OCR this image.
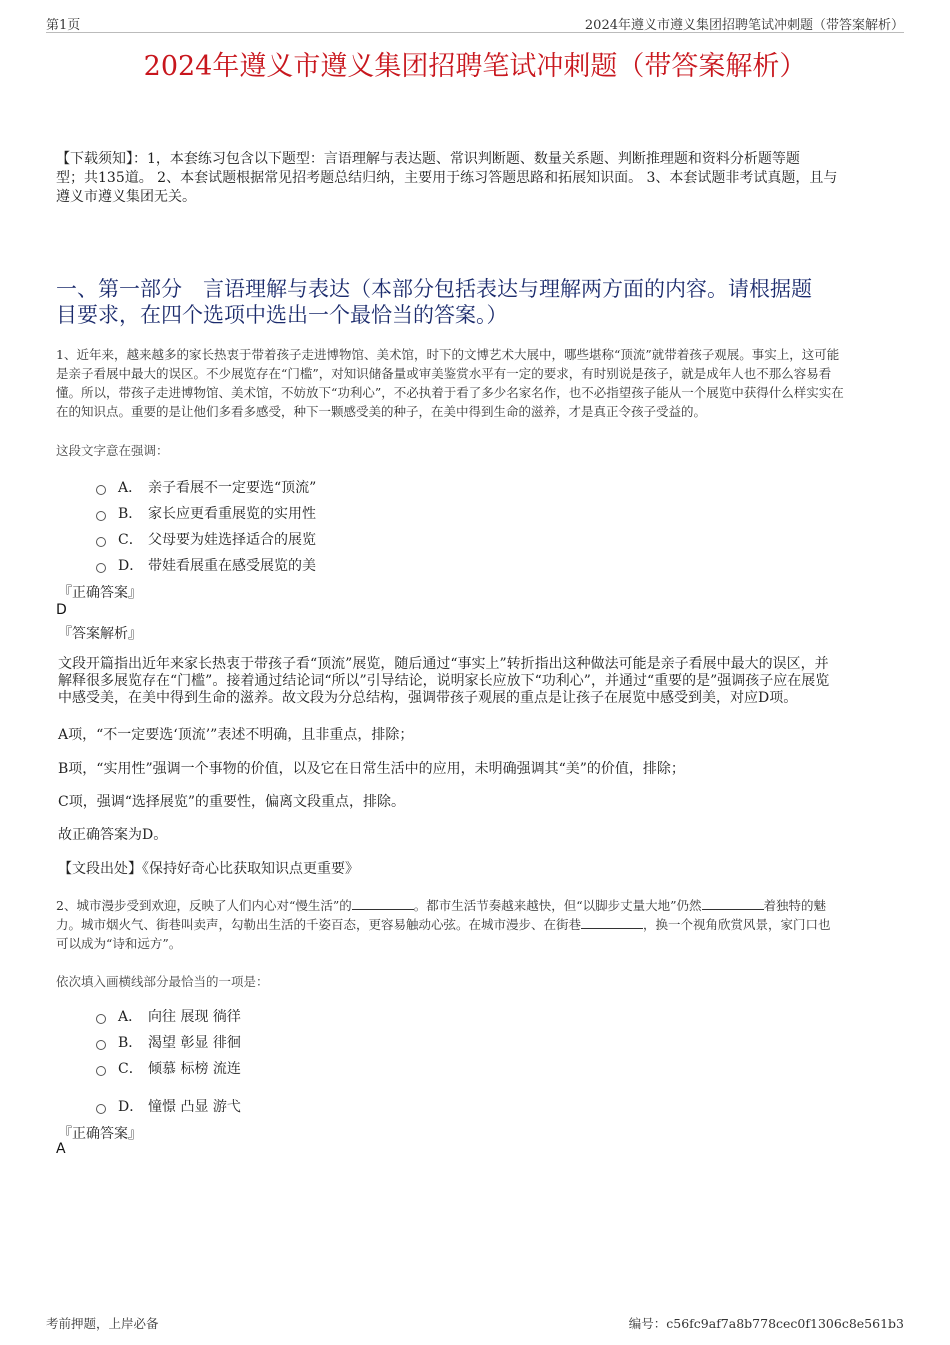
第1页	2024年遵义市遵义集团招聘笔试冲刺题（带答案解析）
2024年遵义市遵义集团招聘笔试冲刺题（带答案解析）
【下载须知】：1，本套练习包含以下题型：言语理解与表达题、常识判断题、数量关系题、判断推理题和资料分析题等题
型；共135道。 2、本套试题根据常见招考题总结归纳，主要用于练习答题思路和拓展知识面。 3、本套试题非考试真题，且与
遵义市遵义集团无关。
一、第一部分　言语理解与表达（本部分包括表达与理解两方面的内容。请根据题
目要求，在四个选项中选出一个最恰当的答案。）
1、近年来，越来越多的家长热衷于带着孩子走进博物馆、美术馆，时下的文博艺术大展中，哪些堪称“顶流”就带着孩子观展。事实上，这可能
是亲子看展中最大的误区。不少展览存在“门槛”，对知识储备量或审美鉴赏水平有一定的要求，有时别说是孩子，就是成年人也不那么容易看
懂。所以，带孩子走进博物馆、美术馆，不妨放下“功利心”，不必执着于看了多少名家名作，也不必指望孩子能从一个展览中获得什么样实实在
在的知识点。重要的是让他们多看多感受，种下一颗感受美的种子，在美中得到生命的滋养，才是真正令孩子受益的。
这段文字意在强调：
A． 亲子看展不一定要选“顶流”
B． 家长应更看重展览的实用性
C． 父母要为娃选择适合的展览
D． 带娃看展重在感受展览的美
『正确答案』
D
『答案解析』
文段开篇指出近年来家长热衷于带孩子看“顶流”展览，随后通过“事实上”转折指出这种做法可能是亲子看展中最大的误区，并
解释很多展览存在“门槛”。接着通过结论词“所以”引导结论，说明家长应放下“功利心”，并通过“重要的是”强调孩子应在展览
中感受美，在美中得到生命的滋养。故文段为分总结构，强调带孩子观展的重点是让孩子在展览中感受到美，对应D项。
A项，“不一定要选‘顶流’”表述不明确，且非重点，排除；
B项，“实用性”强调一个事物的价值，以及它在日常生活中的应用，未明确强调其“美”的价值，排除；
C项，强调“选择展览”的重要性，偏离文段重点，排除。
故正确答案为D。
【文段出处】《保持好奇心比获取知识点更重要》
2、城市漫步受到欢迎，反映了人们内心对“慢生活”的	。都市生活节奏越来越快，但“以脚步丈量大地”仍然	着独特的魅
力。城市烟火气、街巷叫卖声，勾勒出生活的千姿百态，更容易触动心弦。在城市漫步、在街巷	，换一个视角欣赏风景，家门口也
可以成为“诗和远方”。
依次填入画横线部分最恰当的一项是：
A． 向往 展现 徜徉
B． 渴望 彰显 徘徊
C． 倾慕 标榜 流连
D． 憧憬 凸显 游弋
『正确答案』
A
考前押题，上岸必备	编号：c56fc9af7a8b778cec0f1306c8e561b3
